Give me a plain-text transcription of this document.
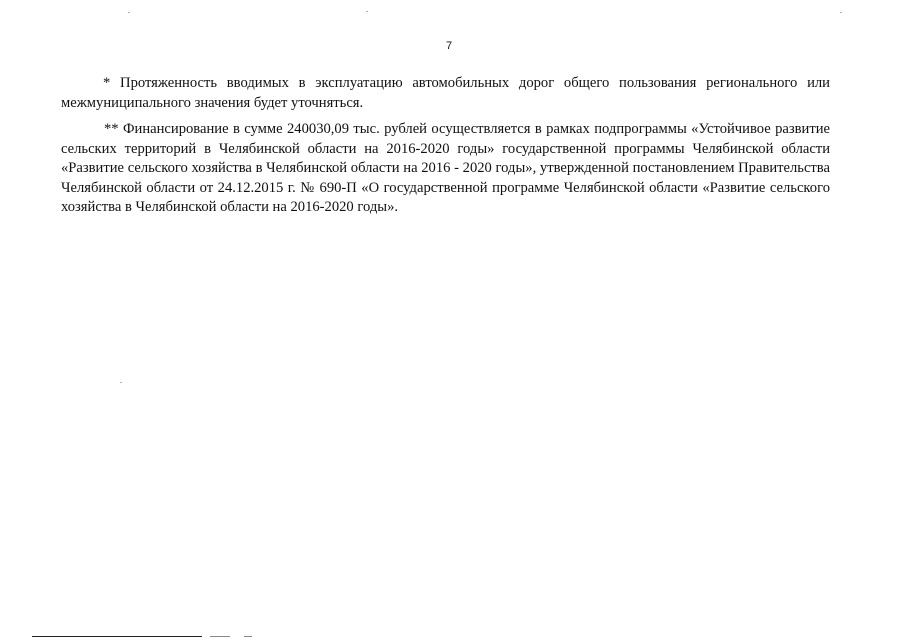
7

* Протяженность вводимых в эксплуатацию автомобильных дорог общего пользования регионального или межмуниципального значения будет уточняться.

** Финансирование в сумме 240030,09 тыс. рублей осуществляется в рамках подпрограммы «Устойчивое развитие сельских территорий в Челябинской области на 2016-2020 годы» государственной программы Челябинской области «Развитие сельского хозяйства в Челябинской области на 2016 - 2020 годы», утвержденной постановлением Правительства Челябинской области от 24.12.2015 г. № 690-П «О государственной программе Челябинской области «Развитие сельского хозяйства в Челябинской области на 2016-2020 годы».
